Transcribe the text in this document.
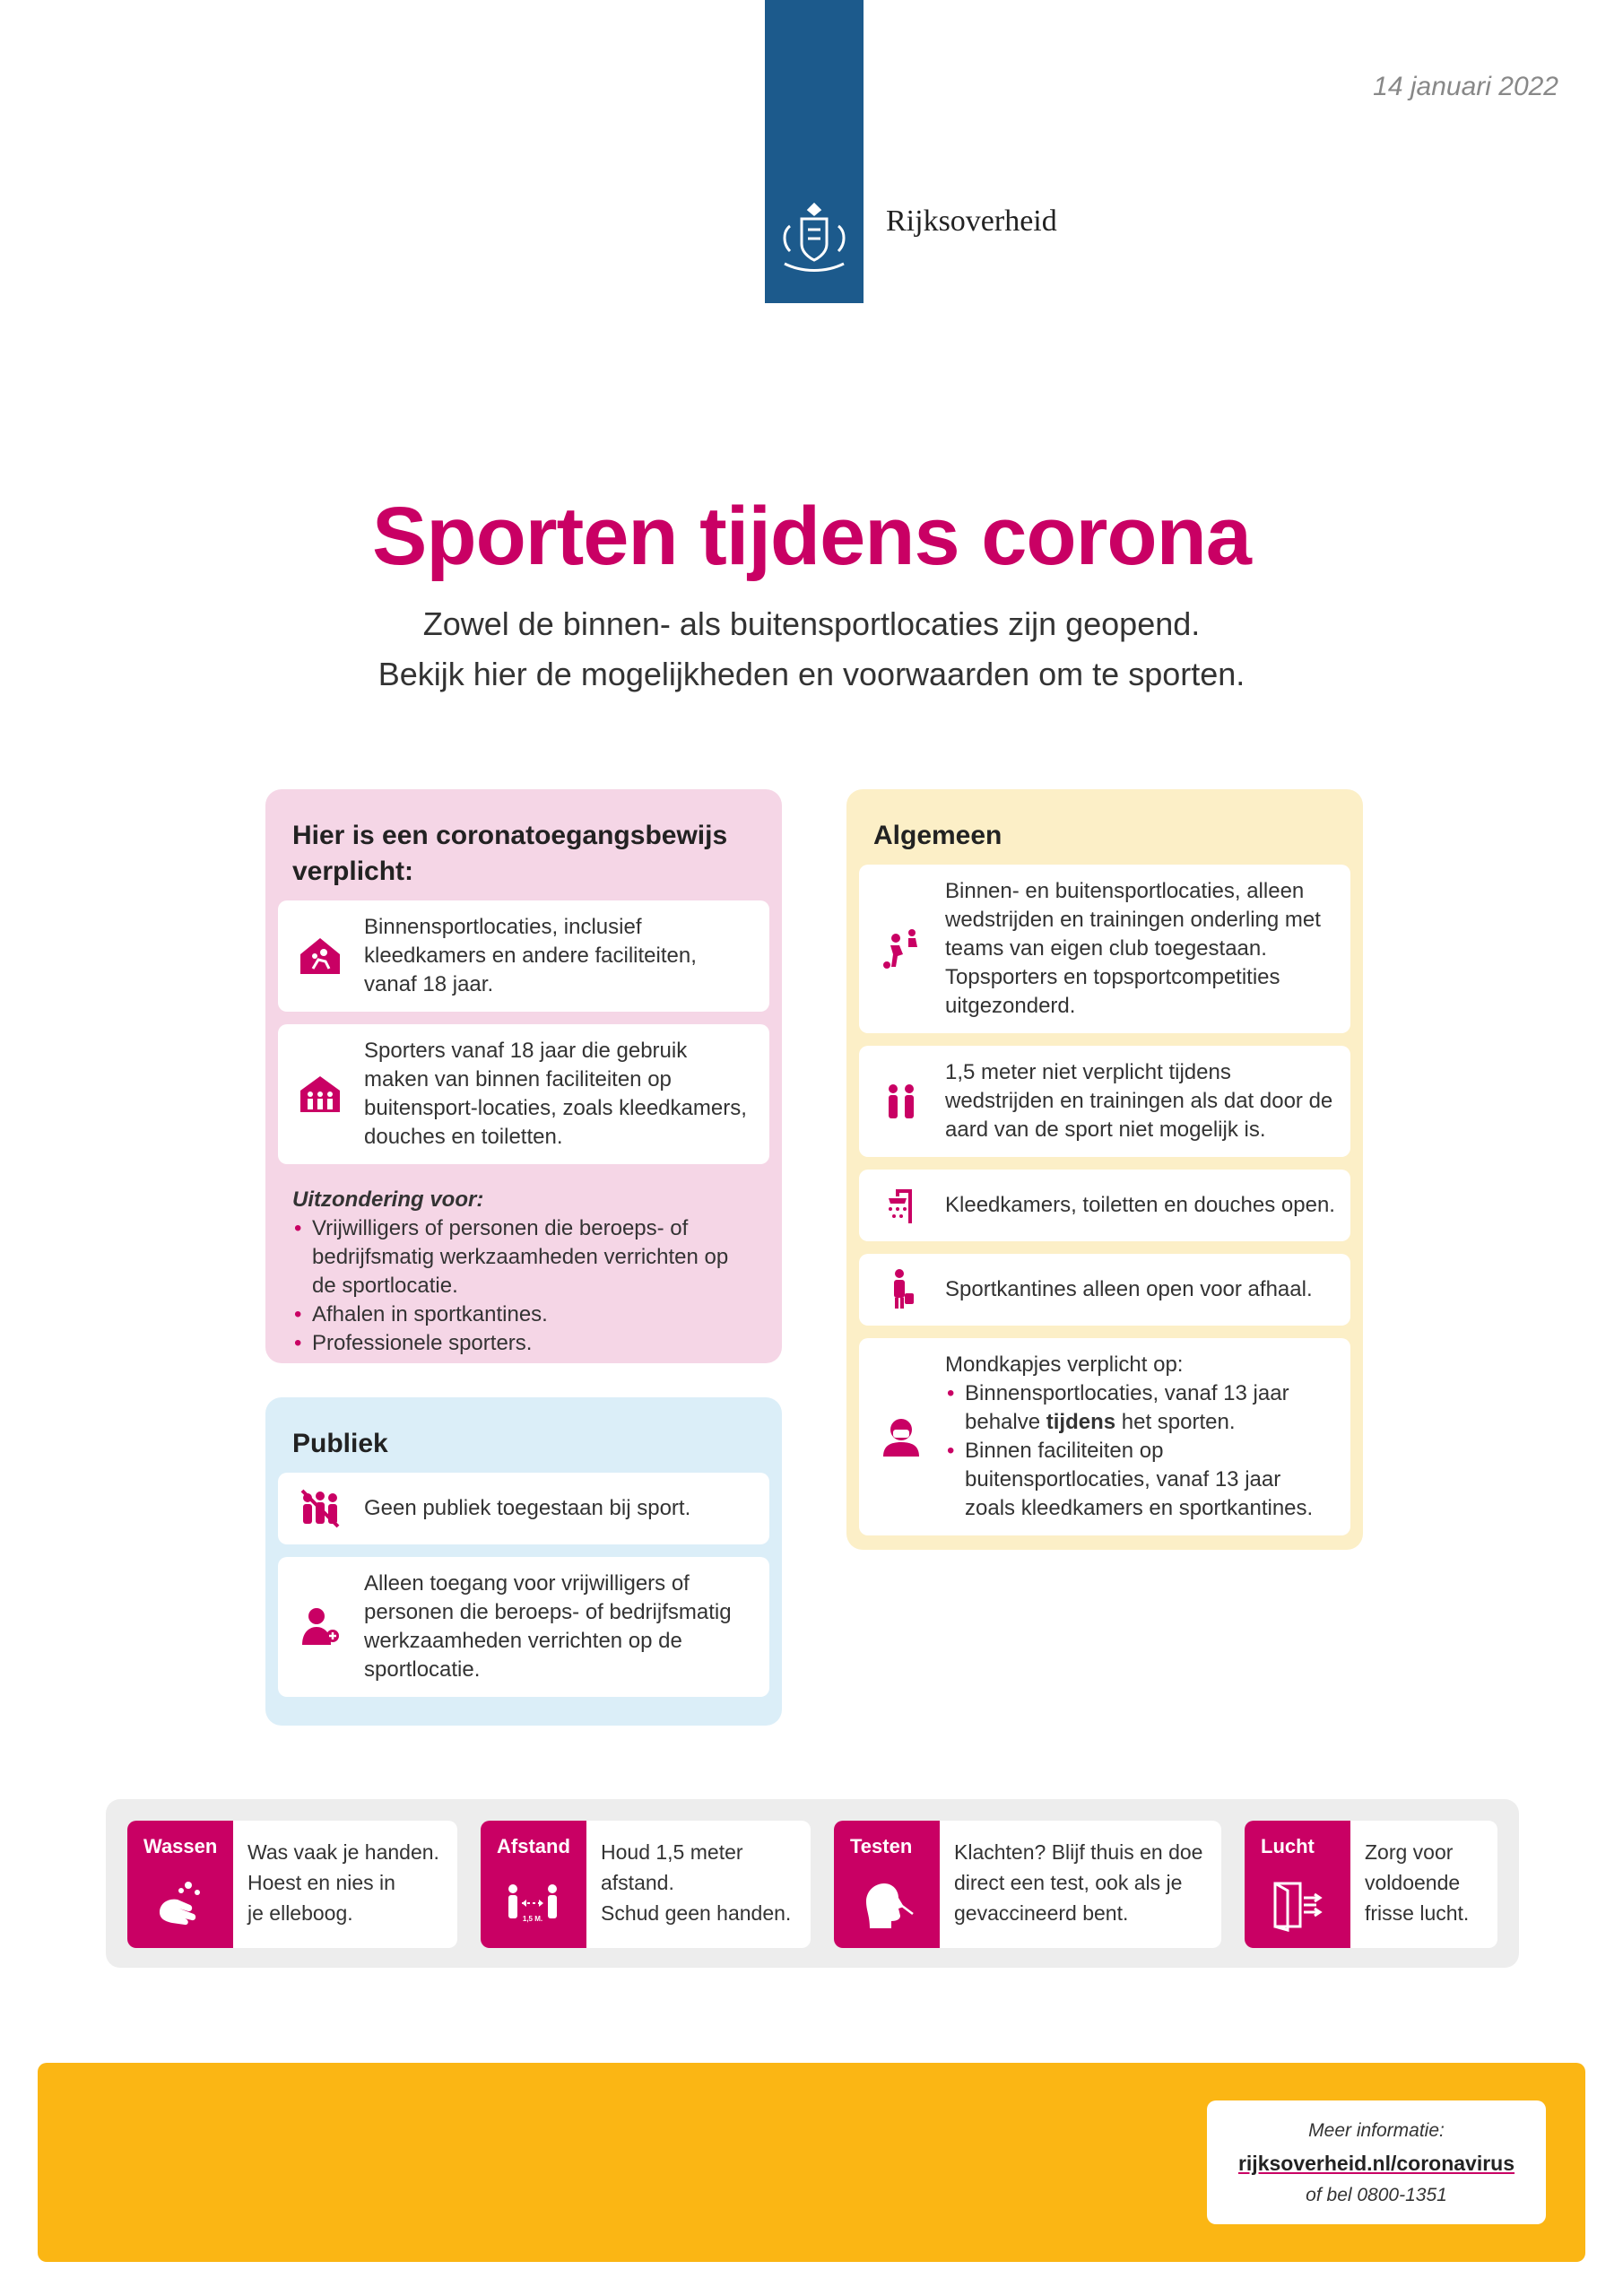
Rijksoverheid
14 januari 2022
Sporten tijdens corona
Zowel de binnen- als buitensportlocaties zijn geopend.
Bekijk hier de mogelijkheden en voorwaarden om te sporten.
Hier is een coronatoegangsbewijs verplicht:
Binnensportlocaties, inclusief kleedkamers en andere faciliteiten, vanaf 18 jaar.
Sporters vanaf 18 jaar die gebruik maken van binnen faciliteiten op buitensport-locaties, zoals kleedkamers, douches en toiletten.
Uitzondering voor:
• Vrijwilligers of personen die beroeps- of bedrijfsmatig werkzaamheden verrichten op de sportlocatie.
• Afhalen in sportkantines.
• Professionele sporters.
Publiek
Geen publiek toegestaan bij sport.
Alleen toegang voor vrijwilligers of personen die beroeps- of bedrijfsmatig werkzaamheden verrichten op de sportlocatie.
Algemeen
Binnen- en buitensportlocaties, alleen wedstrijden en trainingen onderling met teams van eigen club toegestaan. Topsporters en topsportcompetities uitgezonderd.
1,5 meter niet verplicht tijdens wedstrijden en trainingen als dat door de aard van de sport niet mogelijk is.
Kleedkamers, toiletten en douches open.
Sportkantines alleen open voor afhaal.
Mondkapjes verplicht op:
• Binnensportlocaties, vanaf 13 jaar behalve tijdens het sporten.
• Binnen faciliteiten op buitensportlocaties, vanaf 13 jaar zoals kleedkamers en sportkantines.
Wassen	Was vaak je handen.
Hoest en nies in
je elleboog.
Afstand
1,5 M.
Houd 1,5 meter
afstand.
Schud geen handen.
Testen	Klachten? Blijf thuis en doe
direct een test, ook als je
gevaccineerd bent.
Lucht	Zorg voor
voldoende
frisse lucht.
Meer informatie:
rijksoverheid.nl/coronavirus
of bel 0800-1351
